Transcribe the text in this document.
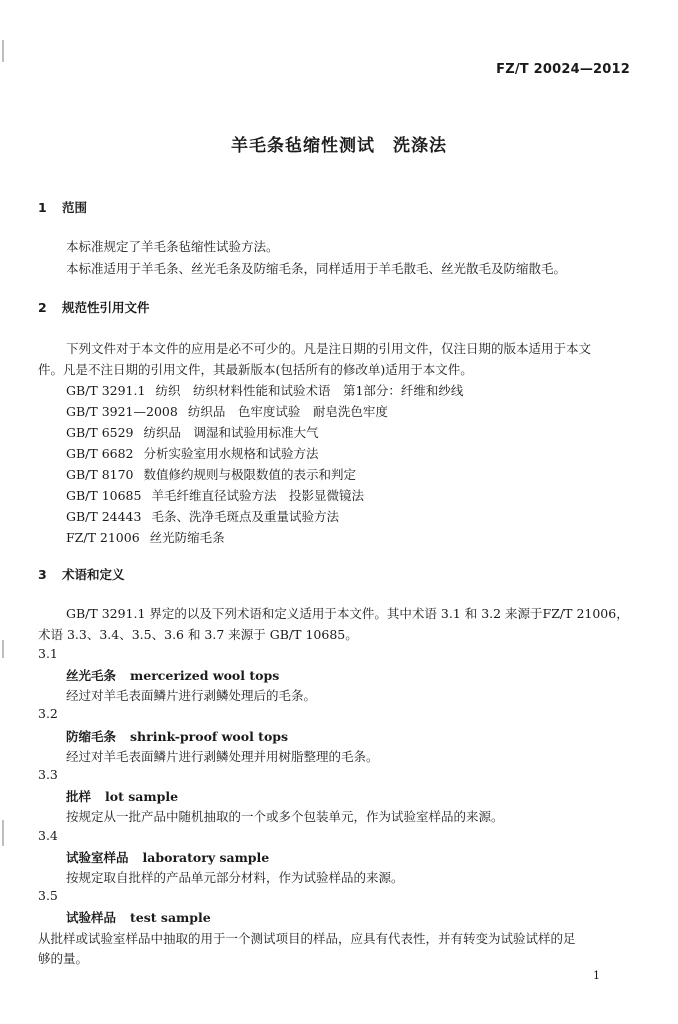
FZ/T 20024—2012
羊毛条毡缩性测试　洗涤法
1 范围
本标准规定了羊毛条毡缩性试验方法。
本标准适用于羊毛条、丝光毛条及防缩毛条，同样适用于羊毛散毛、丝光散毛及防缩散毛。
2 规范性引用文件
下列文件对于本文件的应用是必不可少的。凡是注日期的引用文件，仅注日期的版本适用于本文
件。凡是不注日期的引用文件，其最新版本(包括所有的修改单)适用于本文件。
GB/T 3291.1 纺织　纺织材料性能和试验术语　第1部分：纤维和纱线
GB/T 3921—2008 纺织品　色牢度试验　耐皂洗色牢度
GB/T 6529 纺织品　调湿和试验用标准大气
GB/T 6682 分析实验室用水规格和试验方法
GB/T 8170 数值修约规则与极限数值的表示和判定
GB/T 10685 羊毛纤维直径试验方法　投影显微镜法
GB/T 24443 毛条、洗净毛斑点及重量试验方法
FZ/T 21006 丝光防缩毛条
3 术语和定义
GB/T 3291.1 界定的以及下列术语和定义适用于本文件。其中术语 3.1 和 3.2 来源于FZ/T 21006，
术语 3.3、3.4、3.5、3.6 和 3.7 来源于 GB/T 10685。
3.1
丝光毛条 mercerized wool tops
经过对羊毛表面鳞片进行剥鳞处理后的毛条。
3.2
防缩毛条 shrink-proof wool tops
经过对羊毛表面鳞片进行剥鳞处理并用树脂整理的毛条。
3.3
批样 lot sample
按规定从一批产品中随机抽取的一个或多个包装单元，作为试验室样品的来源。
3.4
试验室样品 laboratory sample
按规定取自批样的产品单元部分材料，作为试验样品的来源。
3.5
试验样品 test sample
从批样或试验室样品中抽取的用于一个测试项目的样品，应具有代表性，并有转变为试验试样的足
够的量。
1
